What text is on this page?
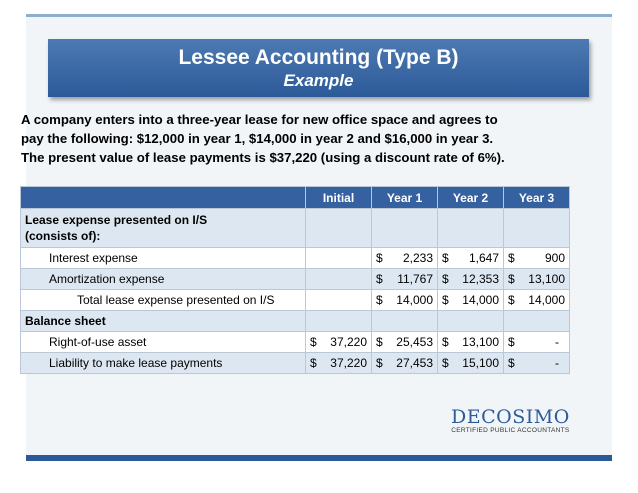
Lessee Accounting (Type B)
Example

A company enters into a three-year lease for new office space and agrees to

pay the following: $12,000 in year 1, $14,000 in year 2 and $16,000 in year 3.

The present value of lease payments is $37,220 (using a discount rate of 6%).

	Initial	Year 1	Year 2	Year 3

Lease expense presented on I/S
(consists of):				

Interest expense		$ 2,233	$ 1,647	$ 900

Amortization expense		$ 11,767	$ 12,353	$ 13,100

Total lease expense presented on I/S		$ 14,000	$ 14,000	$ 14,000

Balance sheet				
Right-of-use asset	$ 37,220	$ 25,453	$ 13,100	$ -

Liability to make lease payments	$ 37,220	$ 27,453	$ 15,100	$ -
DECOSIMO
CERTIFIED PUBLIC ACCOUNTANTS
